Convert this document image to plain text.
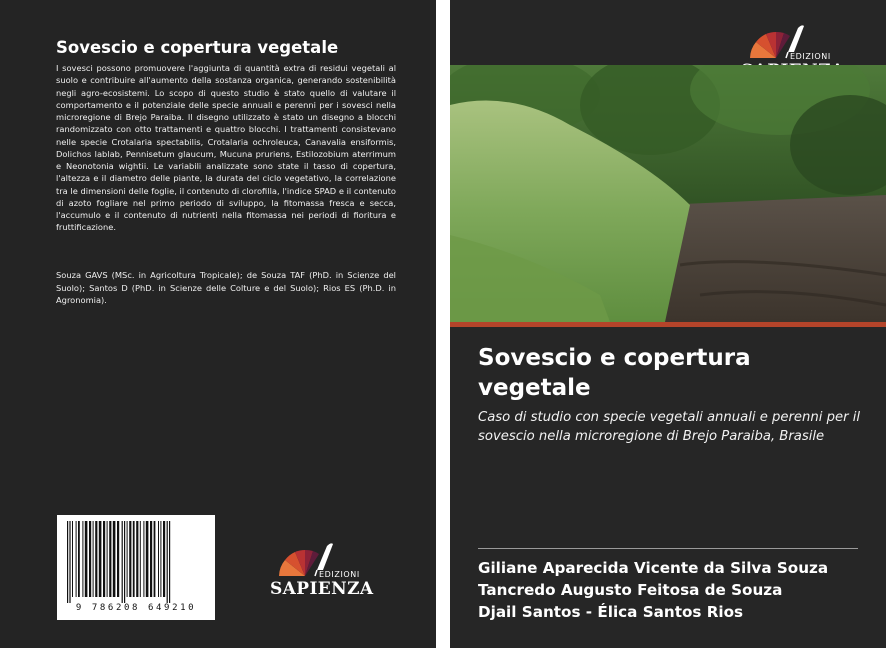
Sovescio e copertura vegetale

I sovesci possono promuovere l'aggiunta di quantità extra di residui vegetali al suolo e contribuire all'aumento della sostanza organica, generando sostenibilità negli agro-ecosistemi. Lo scopo di questo studio è stato quello di valutare il comportamento e il potenziale delle specie annuali e perenni per i sovesci nella microregione di Brejo Paraiba. Il disegno utilizzato è stato un disegno a blocchi randomizzato con otto trattamenti e quattro blocchi. I trattamenti consistevano nelle specie Crotalaria spectabilis, Crotalaria ochroleuca, Canavalia ensiformis, Dolichos lablab, Pennisetum glaucum, Mucuna pruriens, Estilozobium aterrimum e Neonotonia wightii. Le variabili analizzate sono state il tasso di copertura, l'altezza e il diametro delle piante, la durata del ciclo vegetativo, la correlazione tra le dimensioni delle foglie, il contenuto di clorofilla, l'indice SPAD e il contenuto di azoto fogliare nel primo periodo di sviluppo, la fitomassa fresca e secca, l'accumulo e il contenuto di nutrienti nella fitomassa nei periodi di fioritura e fruttificazione.

Souza GAVS (MSc. in Agricoltura Tropicale); de Souza TAF (PhD. in Scienze del Suolo); Santos D (PhD. in Scienze delle Colture e del Suolo); Rios ES (Ph.D. in Agronomia).

9 786208 649210
EDIZIONI
SAPIENZA
EDIZIONI
Sovescio e copertura vegetale

Caso di studio con specie vegetali annuali e perenni per il sovescio nella microregione di Brejo Paraiba, Brasile

Giliane Aparecida Vicente da Silva Souza

Tancredo Augusto Feitosa de Souza

Djail Santos - Élica Santos Rios
